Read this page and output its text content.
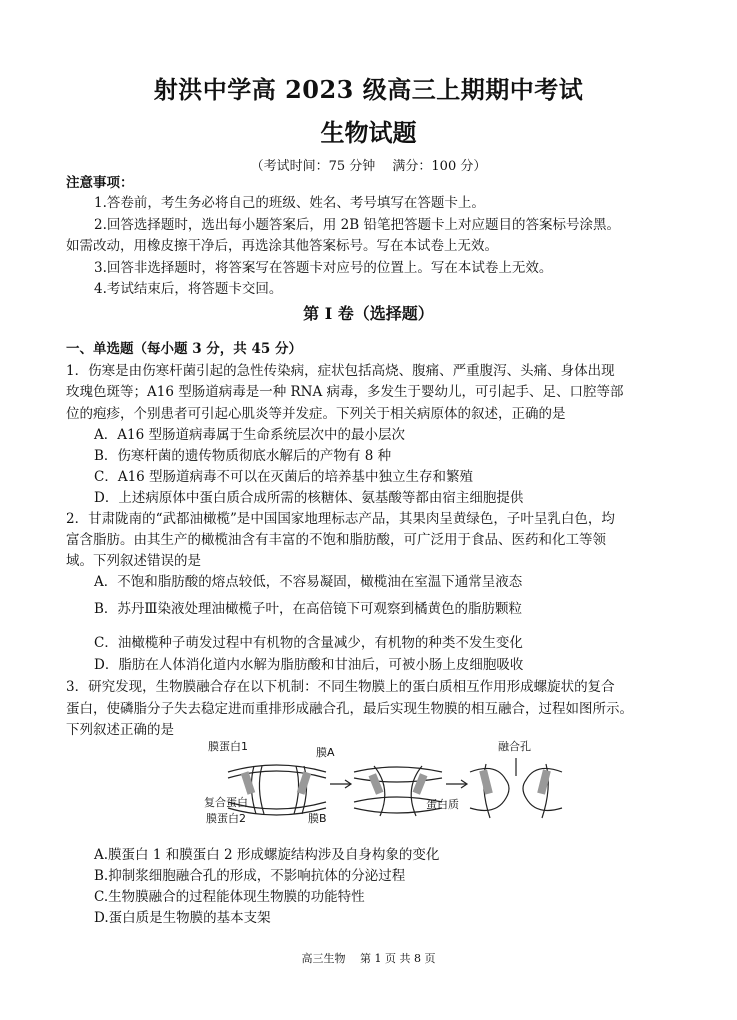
射洪中学高 2023 级高三上期期中考试
生物试题
（考试时间：75 分钟　 满分：100 分）
注意事项：
1.答卷前，考生务必将自己的班级、姓名、考号填写在答题卡上。
2.回答选择题时，选出每小题答案后，用 2B 铅笔把答题卡上对应题目的答案标号涂黑。
如需改动，用橡皮擦干净后，再选涂其他答案标号。写在本试卷上无效。
3.回答非选择题时，将答案写在答题卡对应号的位置上。写在本试卷上无效。
4.考试结束后，将答题卡交回。
第 I 卷（选择题）
一、单选题（每小题 3 分，共 45 分）
1．伤寒是由伤寒杆菌引起的急性传染病，症状包括高烧、腹痛、严重腹泻、头痛、身体出现
玫瑰色斑等；A16 型肠道病毒是一种 RNA 病毒，多发生于婴幼儿，可引起手、足、口腔等部
位的疱疹，个别患者可引起心肌炎等并发症。下列关于相关病原体的叙述，正确的是
A．A16 型肠道病毒属于生命系统层次中的最小层次
B．伤寒杆菌的遗传物质彻底水解后的产物有 8 种
C．A16 型肠道病毒不可以在灭菌后的培养基中独立生存和繁殖
D．上述病原体中蛋白质合成所需的核糖体、氨基酸等都由宿主细胞提供
2．甘肃陇南的“武都油橄榄”是中国国家地理标志产品，其果肉呈黄绿色，子叶呈乳白色，均
富含脂肪。由其生产的橄榄油含有丰富的不饱和脂肪酸，可广泛用于食品、医药和化工等领
域。下列叙述错误的是
A．不饱和脂肪酸的熔点较低，不容易凝固，橄榄油在室温下通常呈液态
B．苏丹Ⅲ染液处理油橄榄子叶，在高倍镜下可观察到橘黄色的脂肪颗粒
C．油橄榄种子萌发过程中有机物的含量减少，有机物的种类不发生变化
D．脂肪在人体消化道内水解为脂肪酸和甘油后，可被小肠上皮细胞吸收
3．研究发现，生物膜融合存在以下机制：不同生物膜上的蛋白质相互作用形成螺旋状的复合
蛋白，使磷脂分子失去稳定进而重排形成融合孔，最后实现生物膜的相互融合，过程如图所示。
下列叙述正确的是
膜蛋白1	膜A
复合蛋白
膜蛋白2	膜B
蛋白质
融合孔
A.膜蛋白 1 和膜蛋白 2 形成螺旋结构涉及自身构象的变化
B.抑制浆细胞融合孔的形成，不影响抗体的分泌过程
C.生物膜融合的过程能体现生物膜的功能特性
D.蛋白质是生物膜的基本支架
高三生物　 第 1 页 共 8 页
